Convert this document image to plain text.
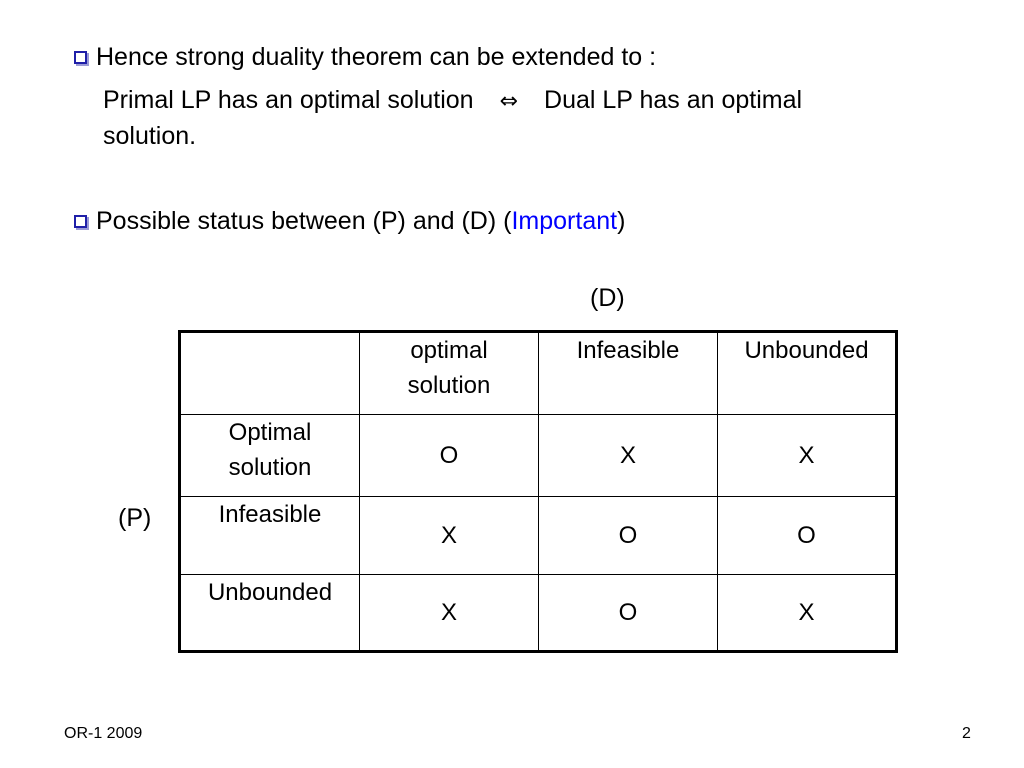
Hence strong duality theorem can be extended to :
Primal LP has an optimal solution ⇔ Dual LP has an optimal
solution.
Possible status between (P) and (D) (Important)
(D)
(P)
	optimal solution	Infeasible	Unbounded
Optimal solution	O	X	X
Infeasible	X	O	O
Unbounded	X	O	X
OR-1 2009	2
